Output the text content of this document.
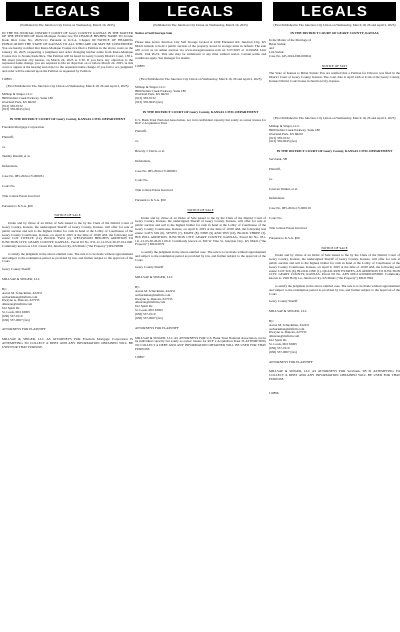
LEGALS

(Published in The Junction City Union on Wednesday, March 19, 2025)

IN THE 8th JUDICIAL DISTRICT COURT OF Geary COUNTY, KANSAS IN THE MATTER OF THE PETITION OF Kiera-Monique Jvonne rice TO CHANGE HIS/HER NAME TO Jvonne Kade Rice Case No. 2025cv11 Pursuant to K.S.A. Chapter 60 NOTICE OF HEARING PUBLICATION THE STATE OF KANSAS TO ALL WHO ARE OR MAY BE CONCERNED: You are hereby notified that Kiera-Monique Jvonne rice filed a Petition in the above court on the January 16, 2025, requesting a judgment and order changing his/her name from Kiera-Monique Jvonne rice to Jvonne Kade Rice. The Petition will be heard in Geary County District Court, 138 e. 8th street junction city kansas, on March 24, 2025 at 1:30. If you have any objection to the requested name change, you are required to file an objection on or before March 24, 2025, in this court or appear at the hearing and object to the requested name change. If you fail to act, judgment and order will be entered upon the Petition as requested by Petition.

J10893

(First Published in The Junction City Union on Wednesday, March 19, 26 and April 2, 2025)

Millsap & Singer, LLC

8900 Indian Creek Parkway, Suite 180

Overland Park, KS 66210

(913) 339-9132

(913) 339-9045 (fax)

IN THE DISTRICT COURT OF Geary County, KANSAS CIVIL DEPARTMENT

Freedom Mortgage Corporation

Plaintiff,

vs.

Tammy Rizaldi, et al.

Defendants,

Case No. 085-2024-CV-000031

Court No.

Title to Real Estate Involved

Pursuant to K.S.A. §60

NOTICE OF SALE

Under and by virtue of an Order of Sale issued to me by the Clerk of the District Court of Geary County, Kansas, the undersigned Sheriff of Geary County, Kansas, will offer for sale at public auction and sell to the highest bidder for cash in hand at the Lobby of Courthouse of the Geary County Courthouse, Kansas, on April 9, 2025 at the time of 10:00 AM, the following real estate: LOT TWELVE (12), BLOCK TWO (2), WESTWOOD HEIGHTS ADDITION TO JUNCTION CITY, GEARY COUNTY, KANSAS.. Parcel ID No. 031-11-12-05-0-30-07-012-000. Commonly known as 1521 Custer Rd, Junction City, KS 66441 ("the Property") MS230066

to satisfy the judgment in the above-entitled case. The sale is to be made without appraisement and subject to the redemption period as provided by law, and further subject to the approval of the Court.

Geary County Sheriff

MILLSAP & SINGER, LLC

By:

Aaron M. Schuckman, #22251

aschuckman@msfirm.com

Dwayne A. Duncan, #27533

dduncan@msfirm.com

612 Spirit Dr.

St. Louis, MO 63005

(636) 537-0110

(636) 537-0067 (fax)

ATTORNEYS FOR PLAINTIFF

MILLSAP & SINGER, LLC AS ATTORNEYS FOR Freedom Mortgage Corporation IS ATTEMPTING TO COLLECT A DEBT AND ANY INFORMATION OBTAINED WILL BE USED FOR THAT PURPOSE.

LEGALS

(Published in The Junction City Union on Wednesday, March 19, 2025)

Notice of Self Storage Sale

Please take notice Junction City Self Storage located at 2239 Ebenezer Rd. Junction City, KS 66441 intends to hold a public auction of the property stored in storage units in default. The sale will occur as an online auction via www.storagetreasures.com on 3/27/2025 at 11:00AM. Unit #G02, Unit #G74. This sale may be withdrawn at any time without notice. Certain terms and conditions apply. See manager for details.

J10883

(First Published in The Junction City Union on Wednesday, March 19, 26 and April 2, 2025)

Millsap & Singer, LLC

8900 Indian Creek Parkway, Suite 180

Overland Park, KS 66210

(913) 339-9132

(913) 339-9045 (fax)

IN THE DISTRICT COURT OF Geary County, KANSAS CIVIL DEPARTMENT

U.S. Bank Trust National Association, not in its individual capacity but solely as owner trustee for RCF 2 Acquisition Trust

Plaintiff,

vs.

Beverly J. Davis, et al.

Defendants,

Case No. 085-2024-CV-000001

Court No.

Title to Real Estate Involved

Pursuant to K.S.A. §60

NOTICE OF SALE

Under and by virtue of an Order of Sale issued to me by the Clerk of the District Court of Geary County, Kansas, the undersigned Sheriff of Geary County, Kansas, will offer for sale at public auction and sell to the highest bidder for cash in hand at the Lobby of Courthouse of the Geary County Courthouse, Kansas, on April 9, 2025 at the time of 10:00 AM, the following real estate: LOTS SIX (6), SEVEN (7), EIGHT (8), NINE (9) AND TEN (10), BLOCK THREE (3), HIX HILL ADDITION, JUNCTION CITY, GEARY COUNTY, KANSAS.. Parcel ID No. 031-111-12-03-30-26-011-00-0. Commonly known as 300 W Vine St, Junction City, KS 66441 ("the Property") MS210079

to satisfy the judgment in the above-entitled case. The sale is to be made without appraisement and subject to the redemption period as provided by law, and further subject to the approval of the Court.

Geary County Sheriff

MILLSAP & SINGER, LLC

By:

Aaron M. Schuckman, #22251

aschuckman@msfirm.com

Dwayne A. Duncan, #27533

dduncan@msfirm.com

612 Spirit Dr.

St. Louis, MO 63005

(636) 537-0110

(636) 537-0067 (fax)

ATTORNEYS FOR PLAINTIFF

MILLSAP & SINGER, LLC AS ATTORNEYS FOR U.S. Bank Trust National Association, not in its individual capacity but solely as owner trustee for RCF 2 Acquisition Trust IS ATTEMPTING TO COLLECT A DEBT AND ANY INFORMATION OBTAINED WILL BE USED FOR THAT PURPOSE.

J10897

LEGALS

(First Published in The Junction City Union on Wednesday, March 19, 26 and April 2, 2025)

IN THE DISTRICT COURT OF GEARY COUNTY, KANSAS

In the Matter of the Marriage of

Brian Swink

and

Lila Swink

Case No. GE-2024-DM-000041

NOTICE OF SUIT

The State of Kansas to Brian Swink: You are notified that a Petition for Divorce was filed in the District Court of Geary County, Kansas. The court date is April 14th at 9 am at the Geary County, Kansas District Court house in Junction City, Kansas.

(First Published in The Junction City Union on Wednesday, March 19, 26 and April 2, 2025)

Millsap & Singer, LLC

8900 Indian Creek Parkway, Suite 180

Overland Park, KS 66210

(913) 339-9132

(913) 339-9045 (fax)

IN THE DISTRICT COURT OF Geary County, KANSAS CIVIL DEPARTMENT

Servbank, SB

Plaintiff,

vs.

Jonavan Walker, et al.

Defendants,

Case No. 085-2024-CV-000119

Court No.

Title to Real Estate Involved

Pursuant to K.S.A. §60

NOTICE OF SALE

Under and by virtue of an Order of Sale issued to me by the Clerk of the District Court of Geary County, Kansas, the undersigned Sheriff of Geary County, Kansas, will offer for sale at public auction and sell to the highest bidder for cash in hand at the Lobby of Courthouse of the Geary County Courthouse, Kansas, on April 9, 2025 at the time of 10:00 AM, the following real estate: LOT SIX (6), BLOCK ONE (1), QUAIL RUN ESTATES, AN ADDITION TO JUNCTION CITY, GEARY COUNTY, KANSAS. Parcel ID No. APN #0311121004001033000. Commonly known as 1506 Holly Ln, Junction City, KS 66441 ("the Property") MS217862

to satisfy the judgment in the above-entitled case. The sale is to be made without appraisement and subject to the redemption period as provided by law, and further subject to the approval of the Court.

Geary County Sheriff

MILLSAP & SINGER, LLC

By:

Aaron M. Schuckman, #22251

aschuckman@msfirm.com

Dwayne A. Duncan, #27533

dduncan@msfirm.com

612 Spirit Dr.

St. Louis, MO 63005

(636) 537-0110

(636) 537-0067 (fax)

ATTORNEYS FOR PLAINTIFF

MILLSAP & SINGER, LLC AS ATTORNEYS FOR Servbank, SB IS ATTEMPTING TO COLLECT A DEBT AND ANY INFORMATION OBTAINED WILL BE USED FOR THAT PURPOSE.

J10896
